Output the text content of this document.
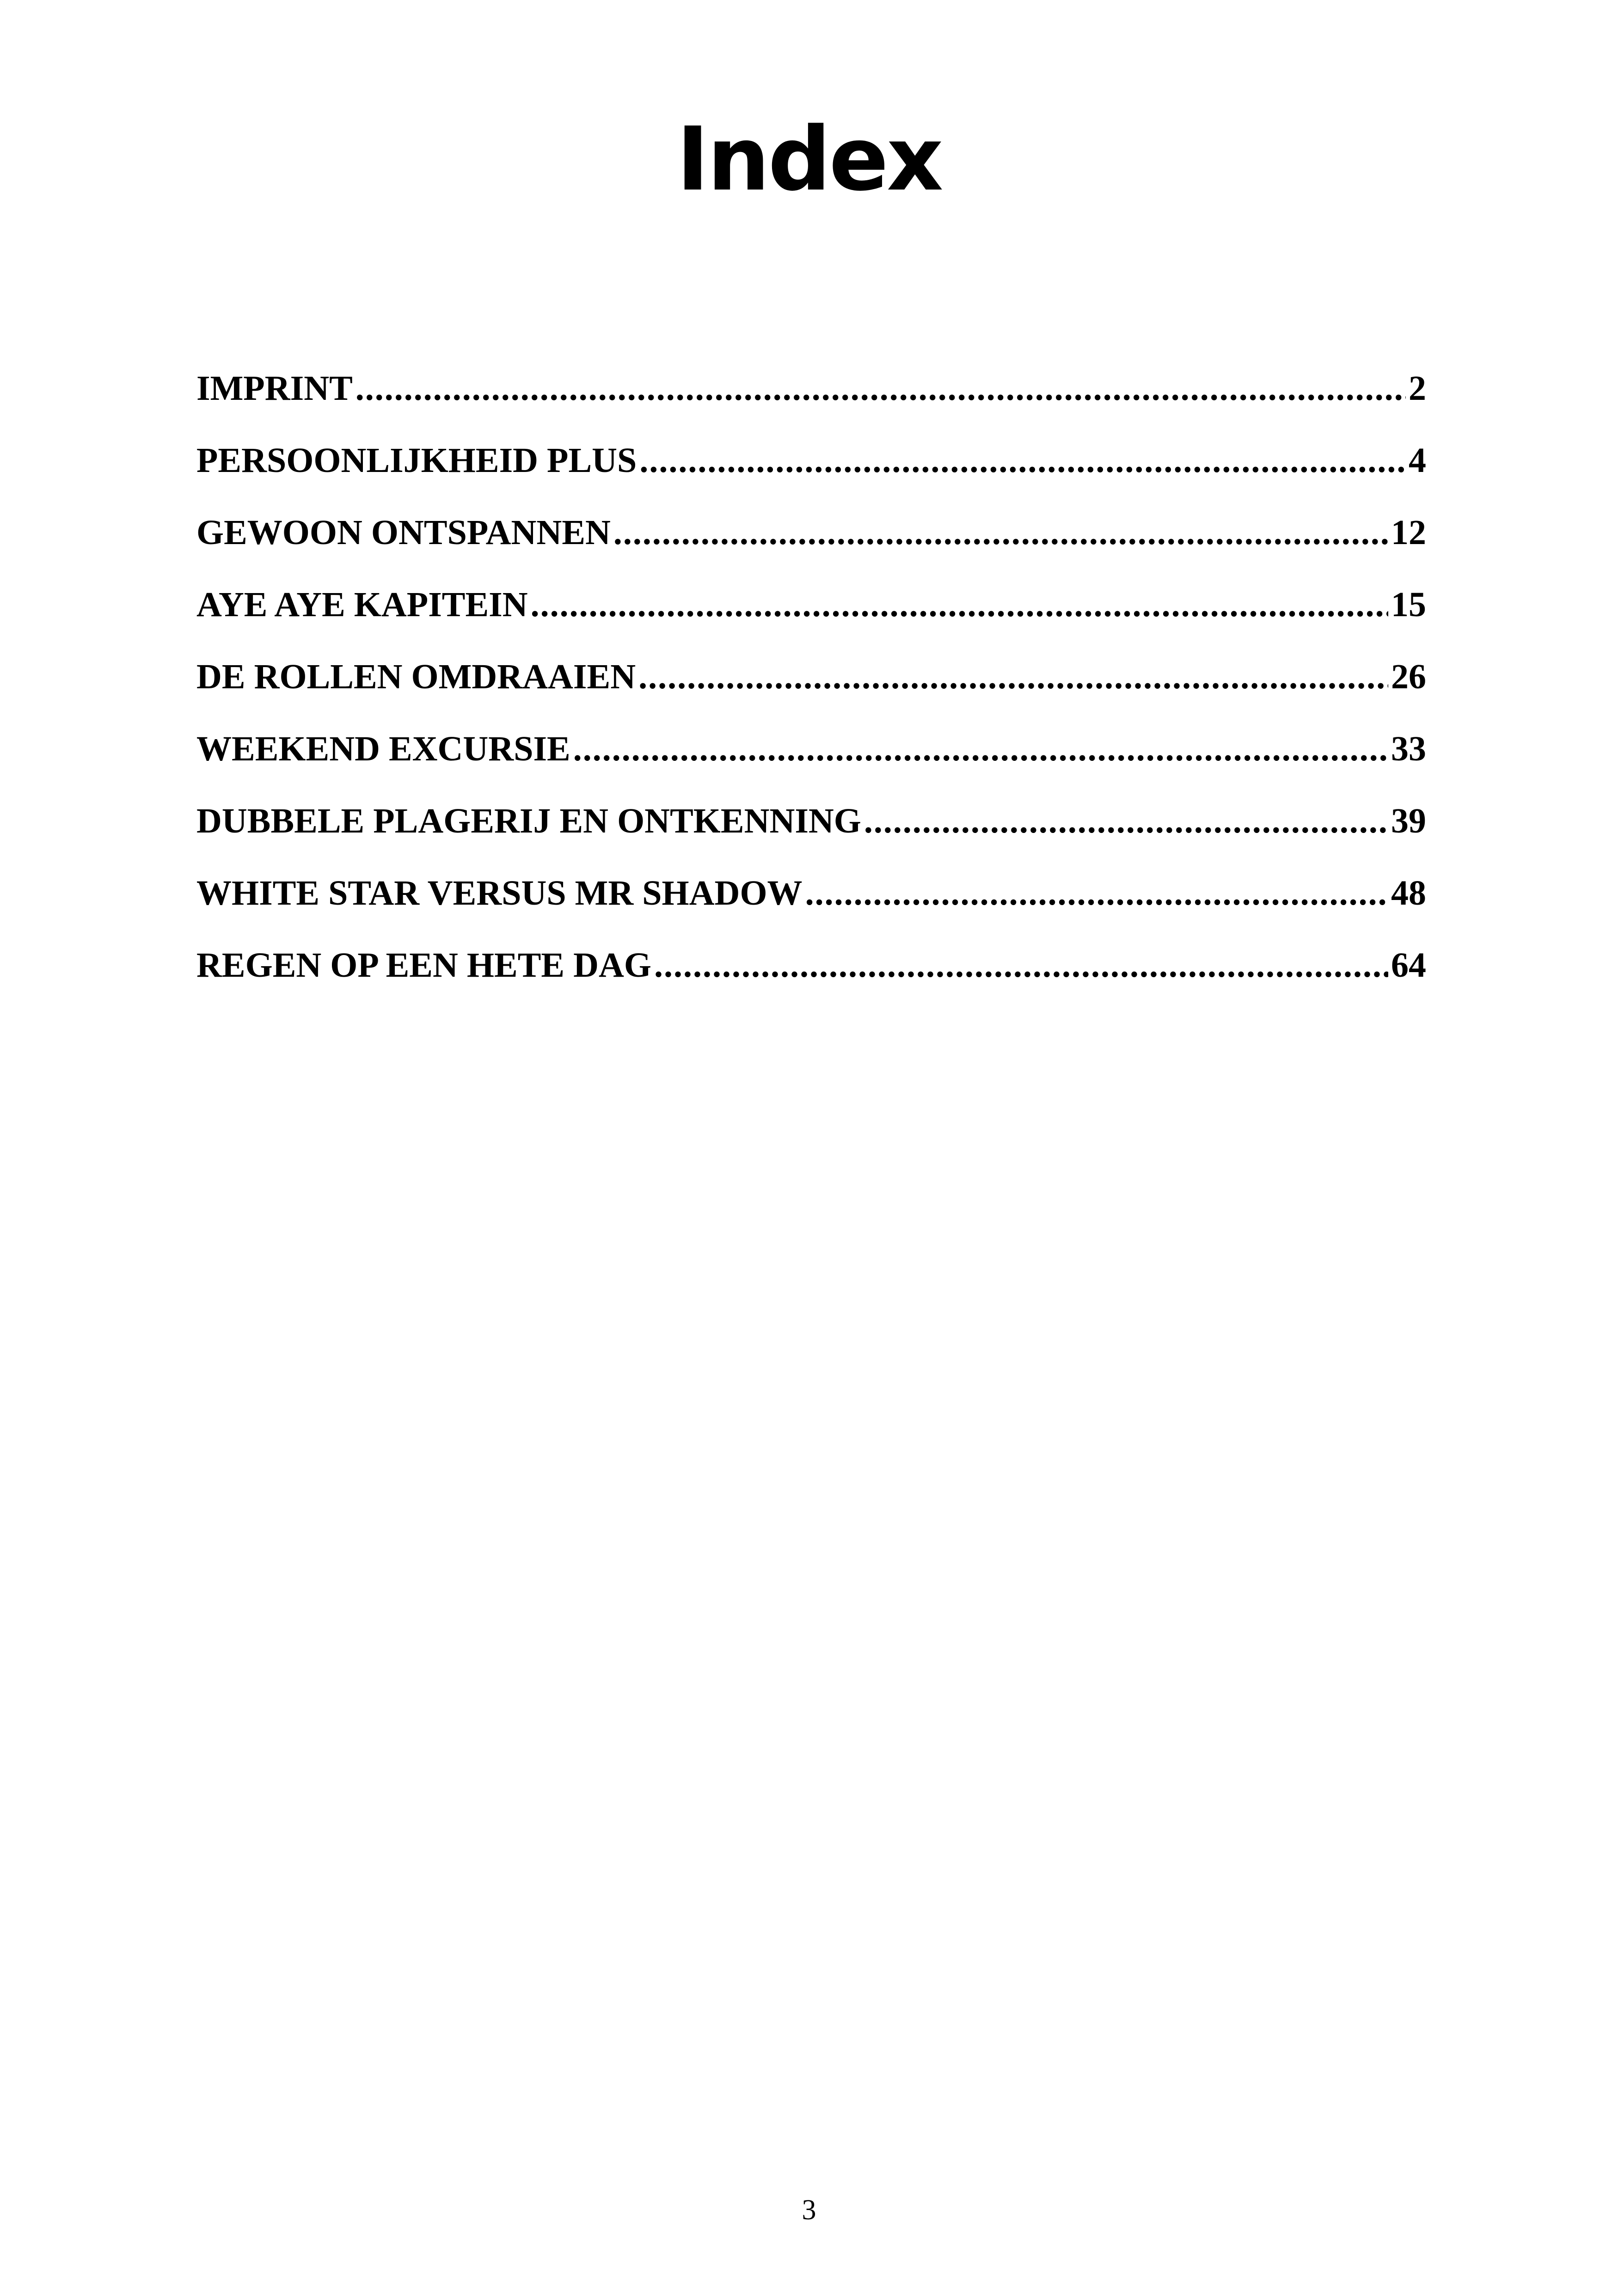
Index
IMPRINT .....	2
PERSOONLIJKHEID PLUS .....	4
GEWOON ONTSPANNEN .....	12
AYE AYE KAPITEIN .....	15
DE ROLLEN OMDRAAIEN .....	26
WEEKEND EXCURSIE .....	33
DUBBELE PLAGERIJ EN ONTKENNING .....	39
WHITE STAR VERSUS MR SHADOW .....	48
REGEN OP EEN HETE DAG .....	64
3
